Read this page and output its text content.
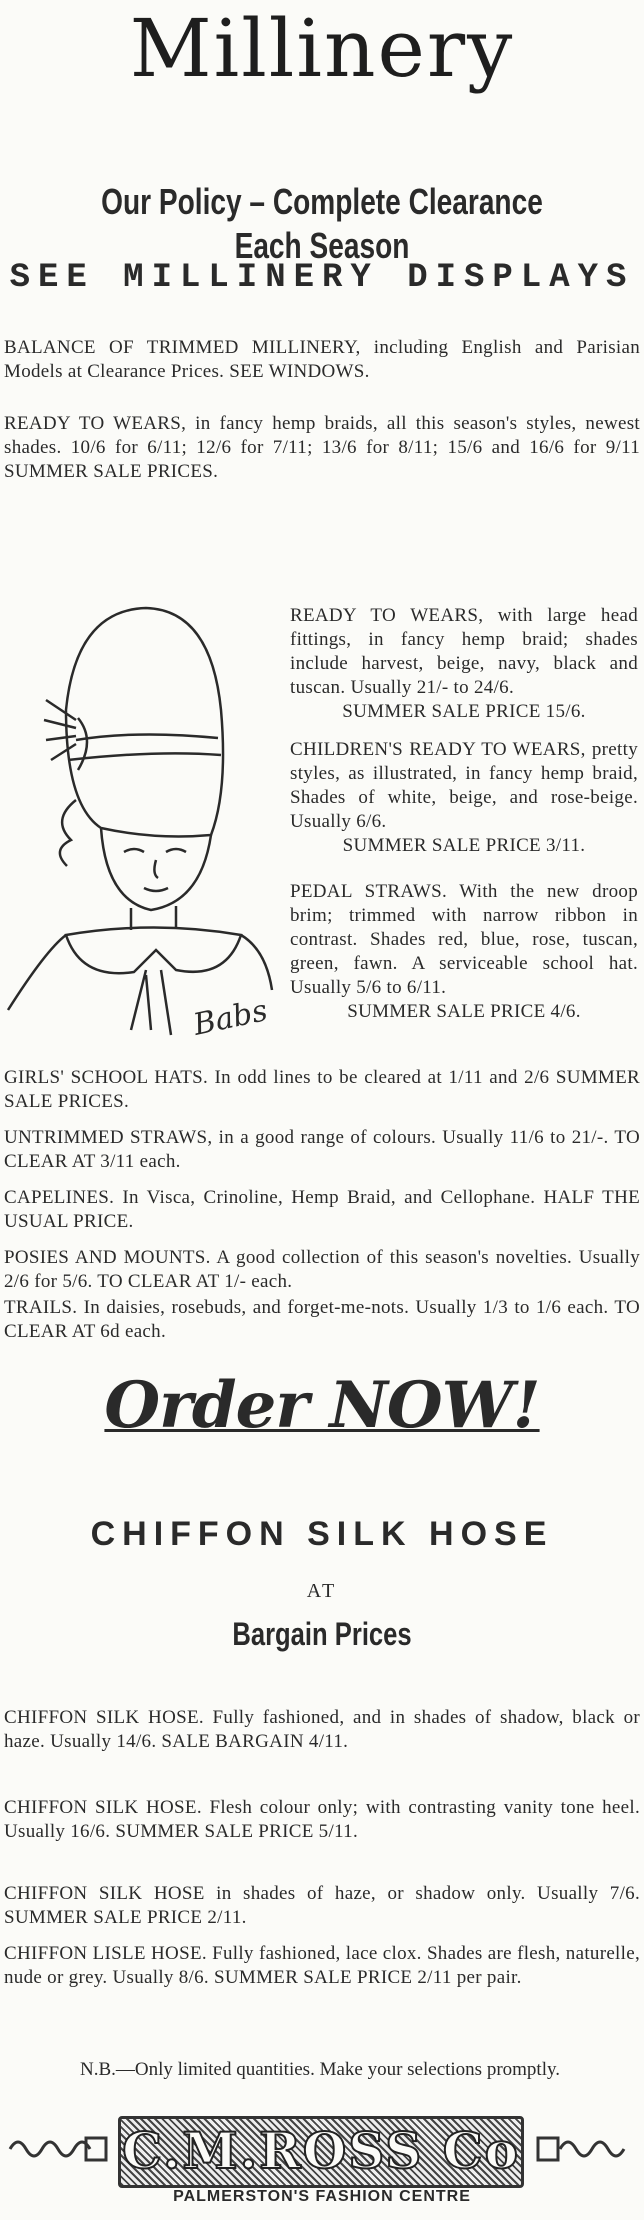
Millinery
Our Policy – Complete Clearance Each Season
SEE MILLINERY DISPLAYS
BALANCE OF TRIMMED MILLINERY, including English and Parisian Models at Clearance Prices. SEE WINDOWS.
READY TO WEARS, in fancy hemp braids, all this season's styles, newest shades. 10/6 for 6/11; 12/6 for 7/11; 13/6 for 8/11; 15/6 and 16/6 for 9/11 SUMMER SALE PRICES.
Babs
READY TO WEARS, with large head fittings, in fancy hemp braid; shades include harvest, beige, navy, black and tuscan. Usually 21/- to 24/6.
SUMMER SALE PRICE 15/6.
CHILDREN'S READY TO WEARS, pretty styles, as illustrated, in fancy hemp braid, Shades of white, beige, and rose-beige. Usually 6/6.
SUMMER SALE PRICE 3/11.
PEDAL STRAWS. With the new droop brim; trimmed with narrow ribbon in contrast. Shades red, blue, rose, tuscan, green, fawn. A serviceable school hat. Usually 5/6 to 6/11.
SUMMER SALE PRICE 4/6.
GIRLS' SCHOOL HATS. In odd lines to be cleared at 1/11 and 2/6 SUMMER SALE PRICES.
UNTRIMMED STRAWS, in a good range of colours. Usually 11/6 to 21/-. TO CLEAR AT 3/11 each.
CAPELINES. In Visca, Crinoline, Hemp Braid, and Cellophane. HALF THE USUAL PRICE.
POSIES AND MOUNTS. A good collection of this season's novelties. Usually 2/6 for 5/6. TO CLEAR AT 1/- each.
TRAILS. In daisies, rosebuds, and forget-me-nots. Usually 1/3 to 1/6 each. TO CLEAR AT 6d each.
Order NOW!
CHIFFON SILK HOSE
AT
Bargain Prices
CHIFFON SILK HOSE. Fully fashioned, and in shades of shadow, black or haze. Usually 14/6. SALE BARGAIN 4/11.
CHIFFON SILK HOSE. Flesh colour only; with contrasting vanity tone heel. Usually 16/6. SUMMER SALE PRICE 5/11.
CHIFFON SILK HOSE in shades of haze, or shadow only. Usually 7/6. SUMMER SALE PRICE 2/11.
CHIFFON LISLE HOSE. Fully fashioned, lace clox. Shades are flesh, naturelle, nude or grey. Usually 8/6. SUMMER SALE PRICE 2/11 per pair.
N.B.—Only limited quantities. Make your selections promptly.
C.M.ROSS Co
PALMERSTON'S FASHION CENTRE
